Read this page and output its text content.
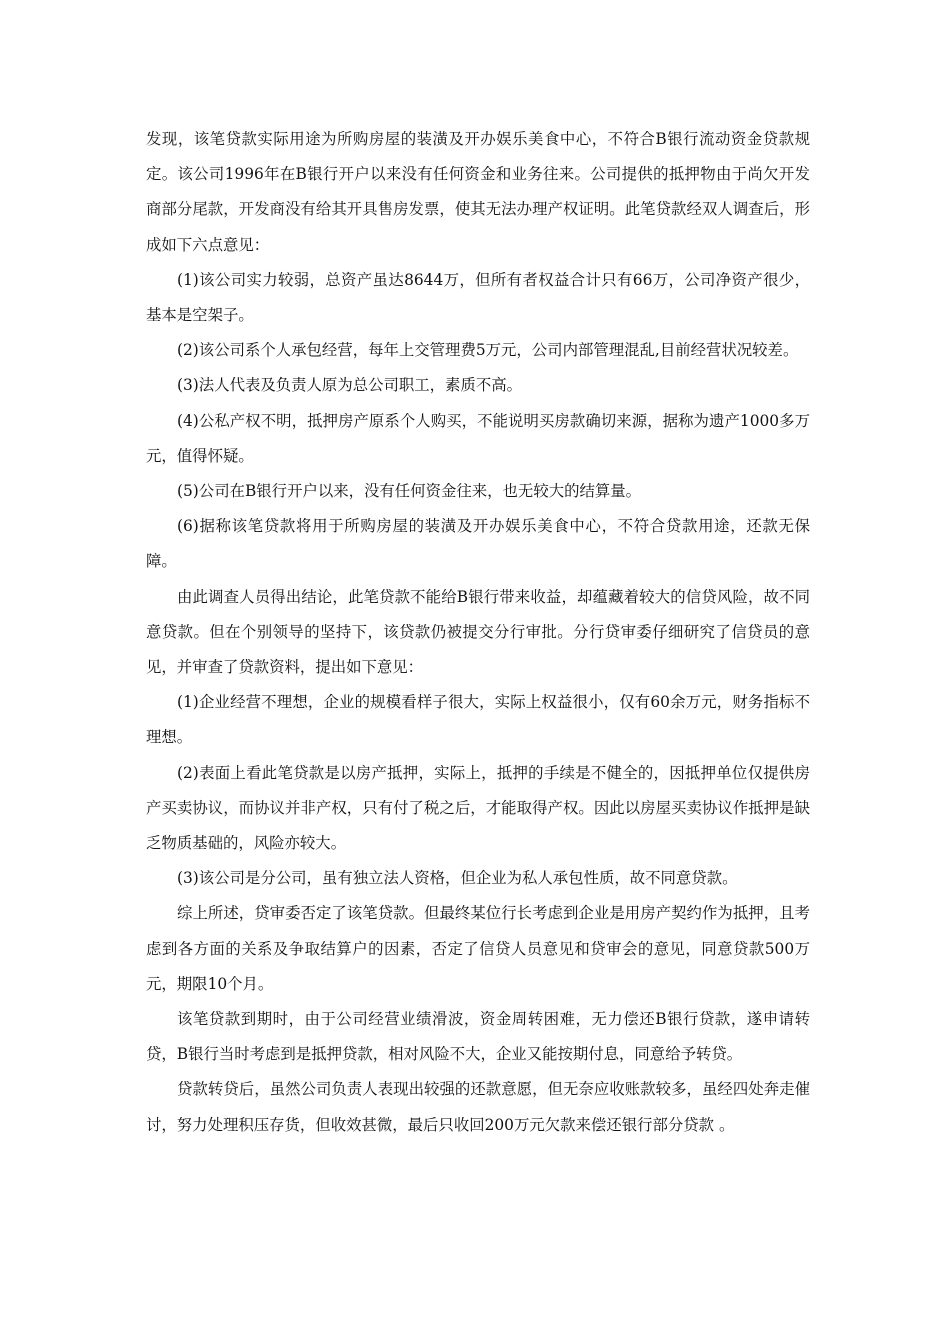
发现，该笔贷款实际用途为所购房屋的装潢及开办娱乐美食中心，不符合B银行流动资金贷款规定。该公司1996年在B银行开户以来没有任何资金和业务往来。公司提供的抵押物由于尚欠开发商部分尾款，开发商没有给其开具售房发票，使其无法办理产权证明。此笔贷款经双人调查后，形成如下六点意见：

(1)该公司实力较弱，总资产虽达8644万，但所有者权益合计只有66万，公司净资产很少，基本是空架子。

(2)该公司系个人承包经营，每年上交管理费5万元，公司内部管理混乱,目前经营状况较差。

(3)法人代表及负责人原为总公司职工，素质不高。

(4)公私产权不明，抵押房产原系个人购买，不能说明买房款确切来源，据称为遗产1000多万元，值得怀疑。

(5)公司在B银行开户以来，没有任何资金往来，也无较大的结算量。

(6)据称该笔贷款将用于所购房屋的装潢及开办娱乐美食中心，不符合贷款用途，还款无保障。

由此调查人员得出结论，此笔贷款不能给B银行带来收益，却蕴藏着较大的信贷风险，故不同意贷款。但在个别领导的坚持下，该贷款仍被提交分行审批。分行贷审委仔细研究了信贷员的意见，并审查了贷款资料，提出如下意见：

(1)企业经营不理想，企业的规模看样子很大，实际上权益很小，仅有60余万元，财务指标不理想。

(2)表面上看此笔贷款是以房产抵押，实际上，抵押的手续是不健全的，因抵押单位仅提供房产买卖协议，而协议并非产权，只有付了税之后，才能取得产权。因此以房屋买卖协议作抵押是缺乏物质基础的，风险亦较大。

(3)该公司是分公司，虽有独立法人资格，但企业为私人承包性质，故不同意贷款。

综上所述，贷审委否定了该笔贷款。但最终某位行长考虑到企业是用房产契约作为抵押，且考虑到各方面的关系及争取结算户的因素，否定了信贷人员意见和贷审会的意见，同意贷款500万元，期限10个月。

该笔贷款到期时，由于公司经营业绩滑波，资金周转困难，无力偿还B银行贷款，遂申请转贷，B银行当时考虑到是抵押贷款，相对风险不大，企业又能按期付息，同意给予转贷。

贷款转贷后，虽然公司负责人表现出较强的还款意愿，但无奈应收账款较多，虽经四处奔走催讨，努力处理积压存货，但收效甚微，最后只收回200万元欠款来偿还银行部分贷款 。
